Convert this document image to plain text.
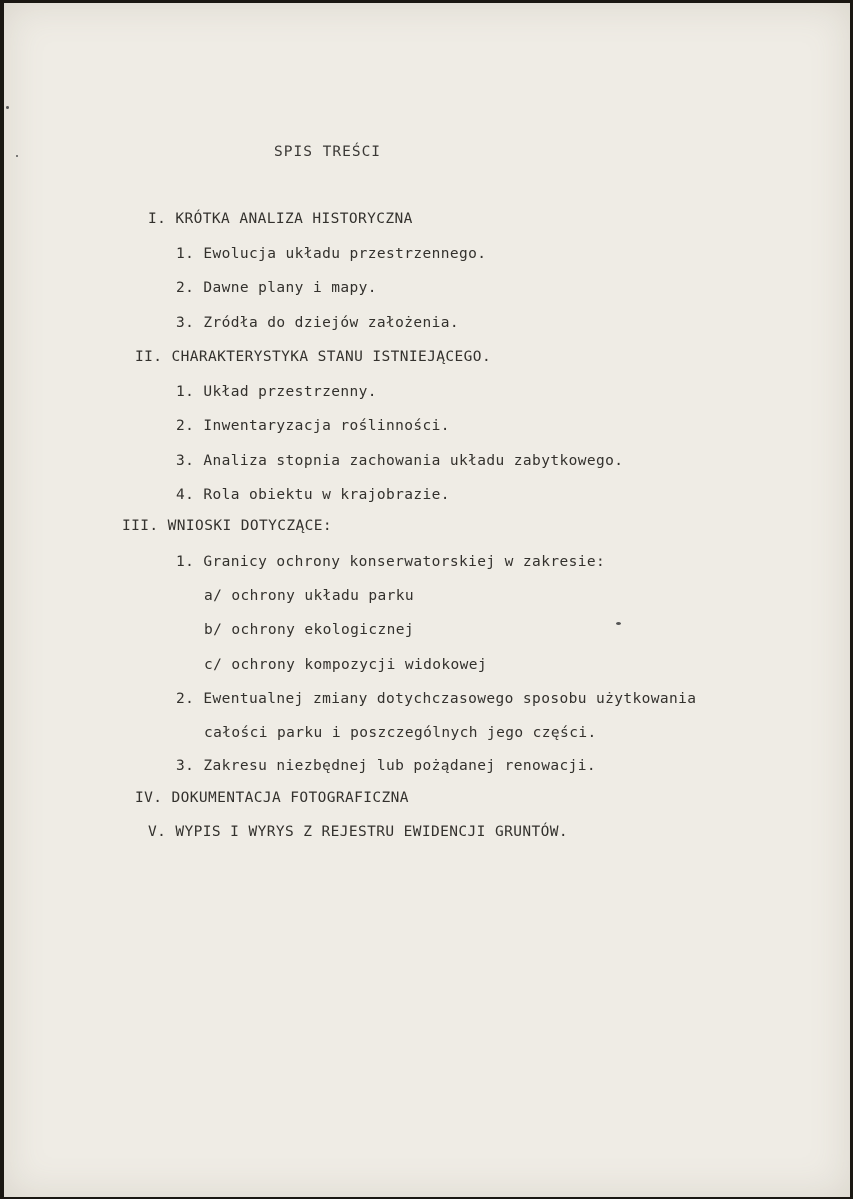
SPIS TREŚCI
I. KRÓTKA ANALIZA HISTORYCZNA
1. Ewolucja układu przestrzennego.
2. Dawne plany i mapy.
3. Zródła do dziejów założenia.
II. CHARAKTERYSTYKA STANU ISTNIEJĄCEGO.
1. Układ przestrzenny.
2. Inwentaryzacja roślinności.
3. Analiza stopnia zachowania układu zabytkowego.
4. Rola obiektu w krajobrazie.
III. WNIOSKI DOTYCZĄCE:
1. Granicy ochrony konserwatorskiej w zakresie:
a/ ochrony układu parku
b/ ochrony ekologicznej
c/ ochrony kompozycji widokowej
2. Ewentualnej zmiany dotychczasowego sposobu użytkowania
całości parku i poszczególnych jego części.
3. Zakresu niezbędnej lub pożądanej renowacji.
IV. DOKUMENTACJA FOTOGRAFICZNA
V. WYPIS I WYRYS Z REJESTRU EWIDENCJI GRUNTÓW.
